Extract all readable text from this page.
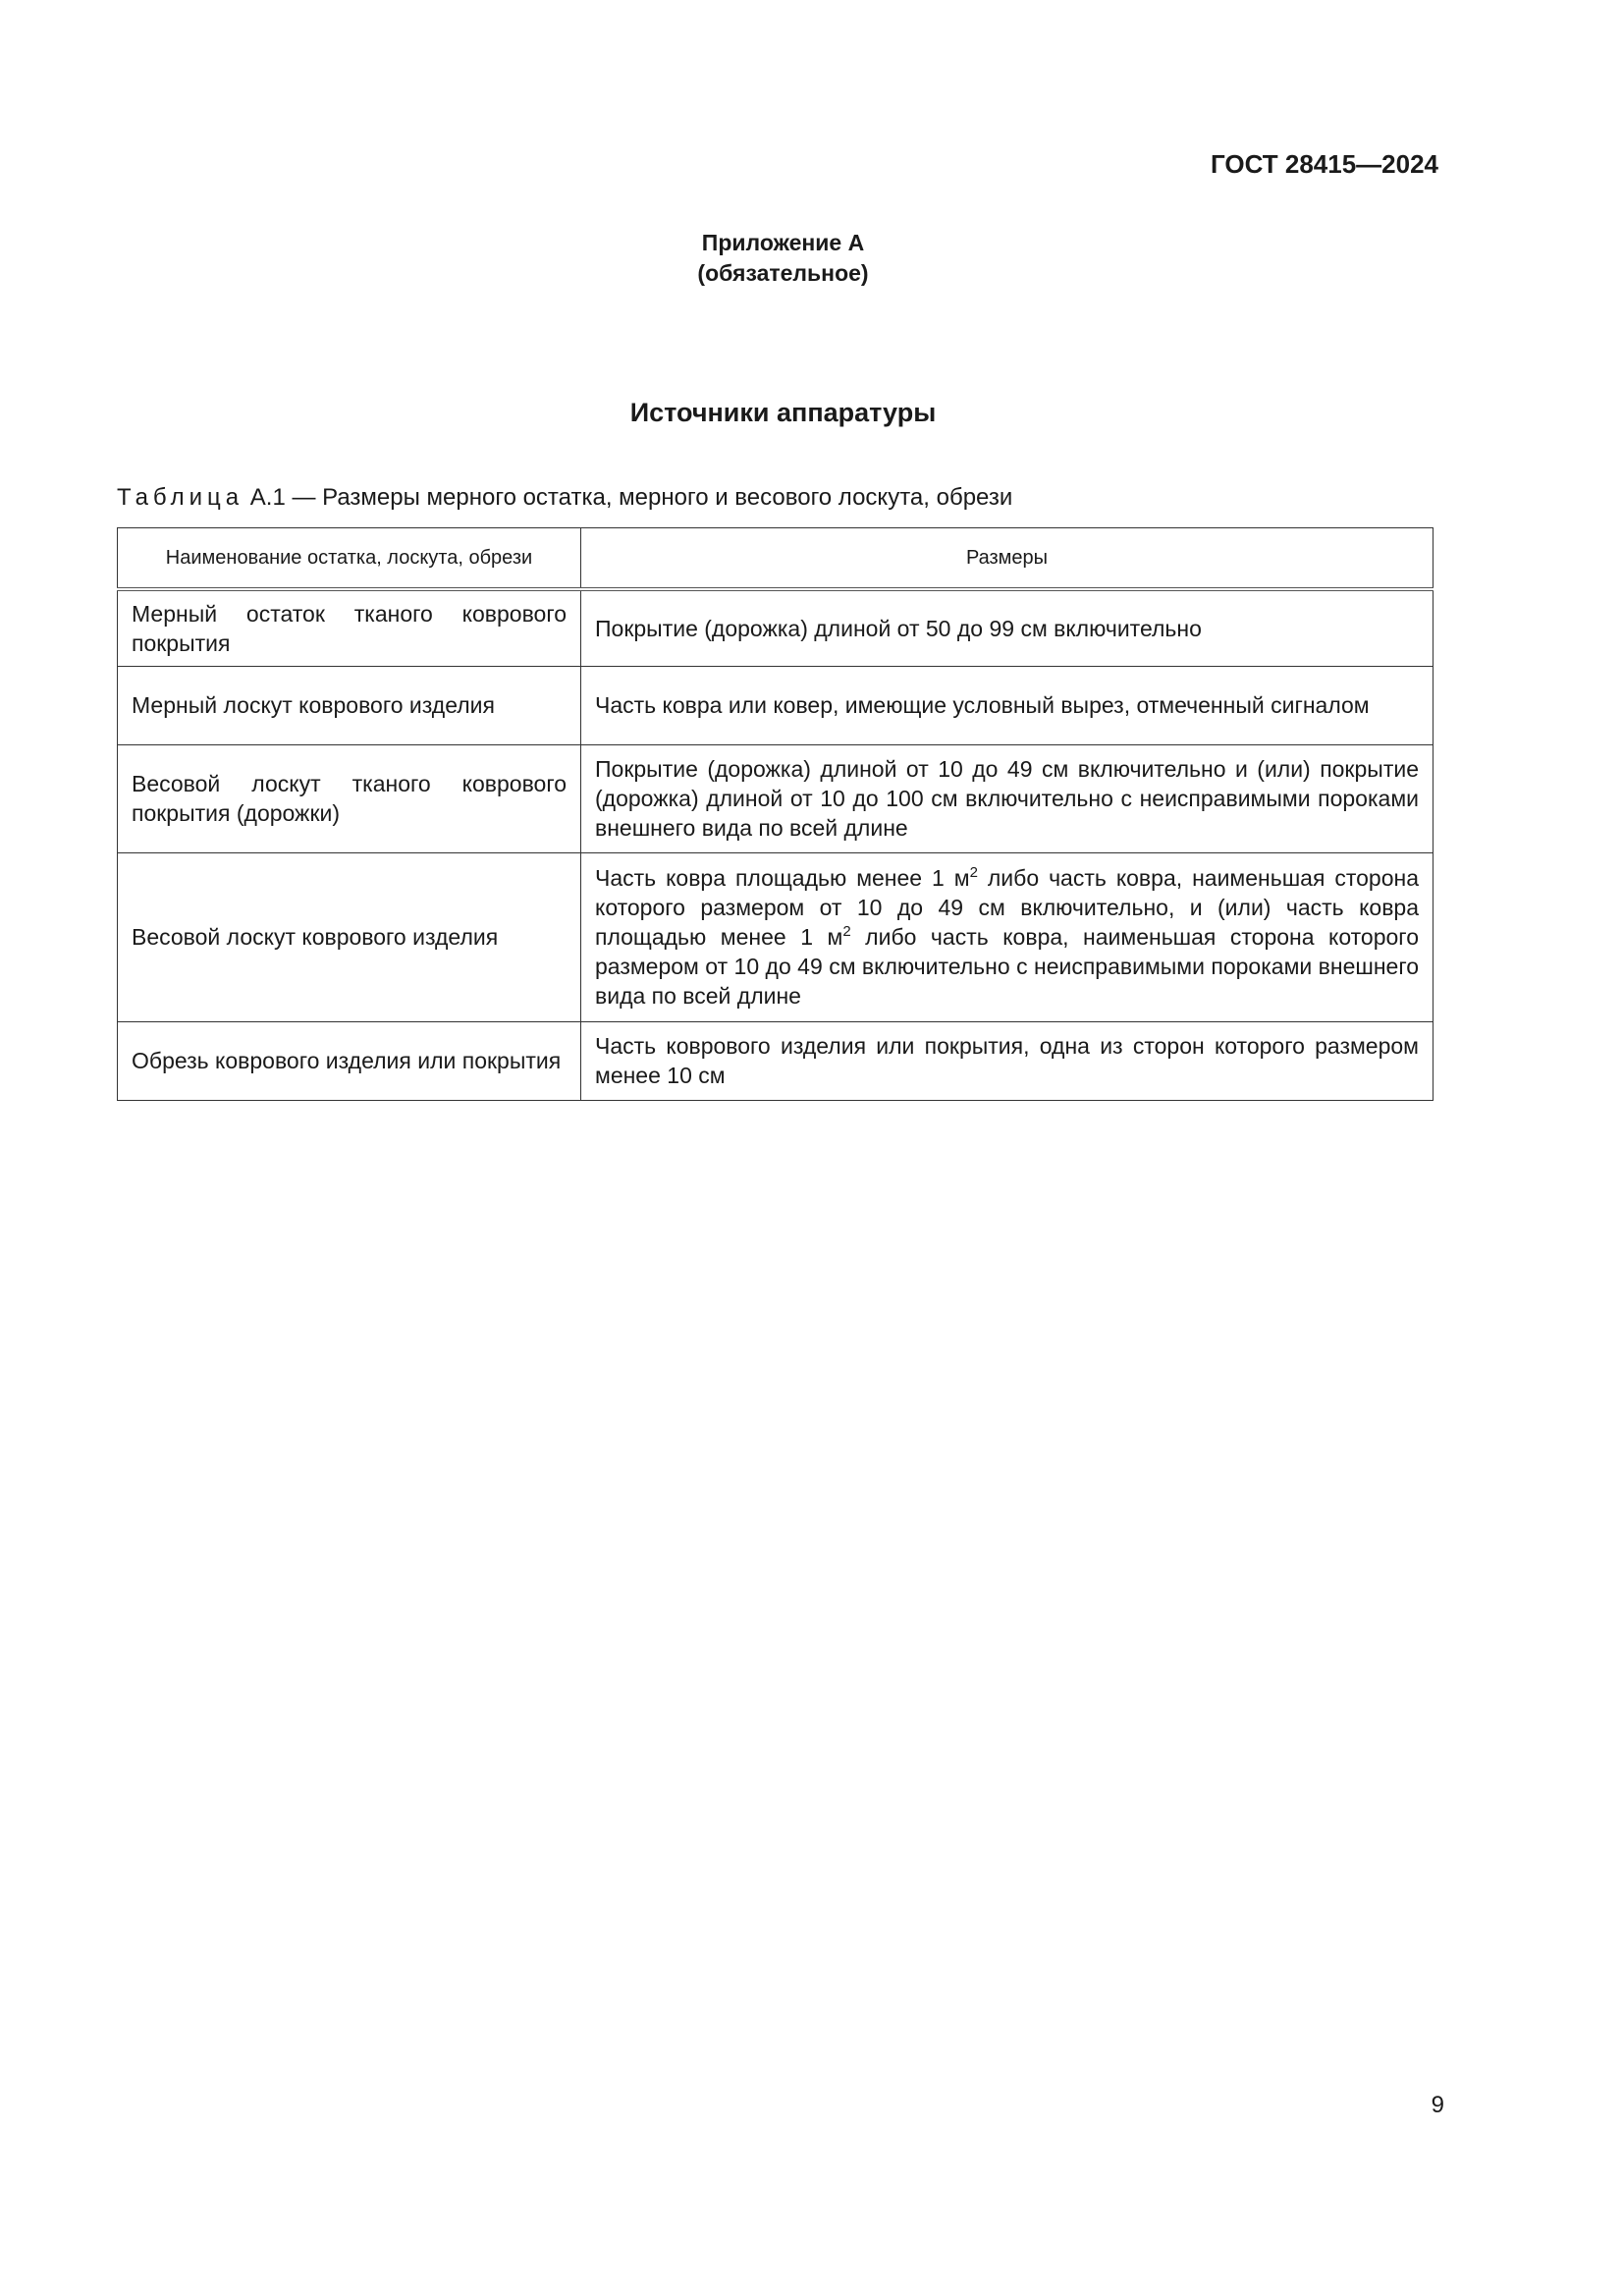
ГОСТ 28415—2024
Приложение А
(обязательное)
Источники аппаратуры
Таблица А.1 — Размеры мерного остатка, мерного и весового лоскута, обрези
Наименование остатка, лоскута, обрези	Размеры
Мерный остаток тканого коврового покрытия	Покрытие (дорожка) длиной от 50 до 99 см включительно
Мерный лоскут коврового изделия	Часть ковра или ковер, имеющие условный вырез, отмеченный сигналом
Весовой лоскут тканого коврового покрытия (дорожки)	Покрытие (дорожка) длиной от 10 до 49 см включительно и (или) покрытие (дорожка) длиной от 10 до 100 см включительно с неисправимыми пороками внешнего вида по всей длине
Весовой лоскут коврового изделия	Часть ковра площадью менее 1 $м^2$ либо часть ковра, наименьшая сторона которого размером от 10 до 49 см включительно, и (или) часть ковра площадью менее 1 $м^2$ либо часть ковра, наименьшая сторона которого размером от 10 до 49 см включительно с неисправимыми пороками внешнего вида по всей длине
Обрезь коврового изделия или покрытия	Часть коврового изделия или покрытия, одна из сторон которого размером менее 10 см
9
